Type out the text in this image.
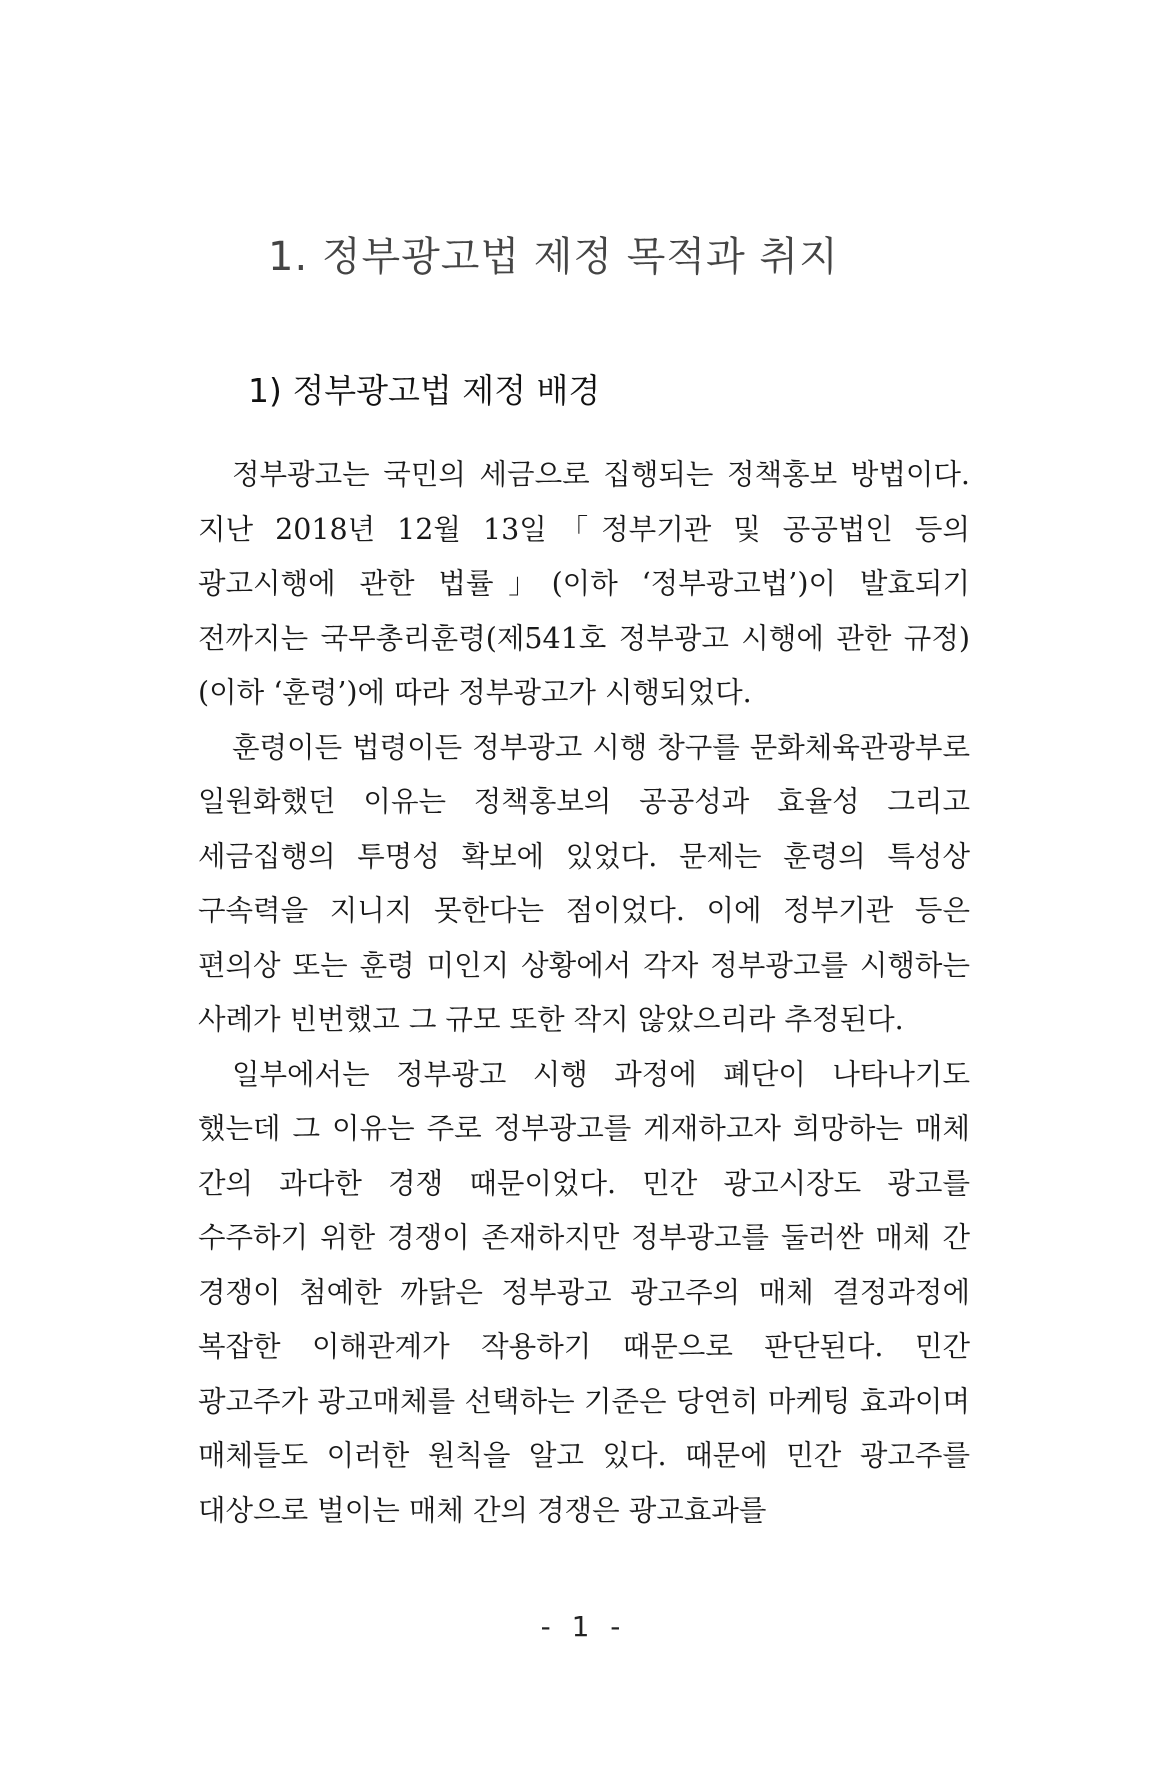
1. 정부광고법 제정 목적과 취지
1) 정부광고법 제정 배경

정부광고는 국민의 세금으로 집행되는 정책홍보 방법이다. 지난 2018년 12월 13일「정부기관 및 공공법인 등의 광고시행에 관한 법률」(이하 ‘정부광고법’)이 발효되기 전까지는 국무총리훈령(제541호 정부광고 시행에 관한 규정)(이하 ‘훈령’)에 따라 정부광고가 시행되었다.

훈령이든 법령이든 정부광고 시행 창구를 문화체육관광부로 일원화했던 이유는 정책홍보의 공공성과 효율성 그리고 세금집행의 투명성 확보에 있었다. 문제는 훈령의 특성상 구속력을 지니지 못한다는 점이었다. 이에 정부기관 등은 편의상 또는 훈령 미인지 상황에서 각자 정부광고를 시행하는 사례가 빈번했고 그 규모 또한 작지 않았으리라 추정된다.

일부에서는 정부광고 시행 과정에 폐단이 나타나기도 했는데 그 이유는 주로 정부광고를 게재하고자 희망하는 매체 간의 과다한 경쟁 때문이었다. 민간 광고시장도 광고를 수주하기 위한 경쟁이 존재하지만 정부광고를 둘러싼 매체 간 경쟁이 첨예한 까닭은 정부광고 광고주의 매체 결정과정에 복잡한 이해관계가 작용하기 때문으로 판단된다. 민간 광고주가 광고매체를 선택하는 기준은 당연히 마케팅 효과이며 매체들도 이러한 원칙을 알고 있다. 때문에 민간 광고주를 대상으로 벌이는 매체 간의 경쟁은 광고효과를

- 1 -
